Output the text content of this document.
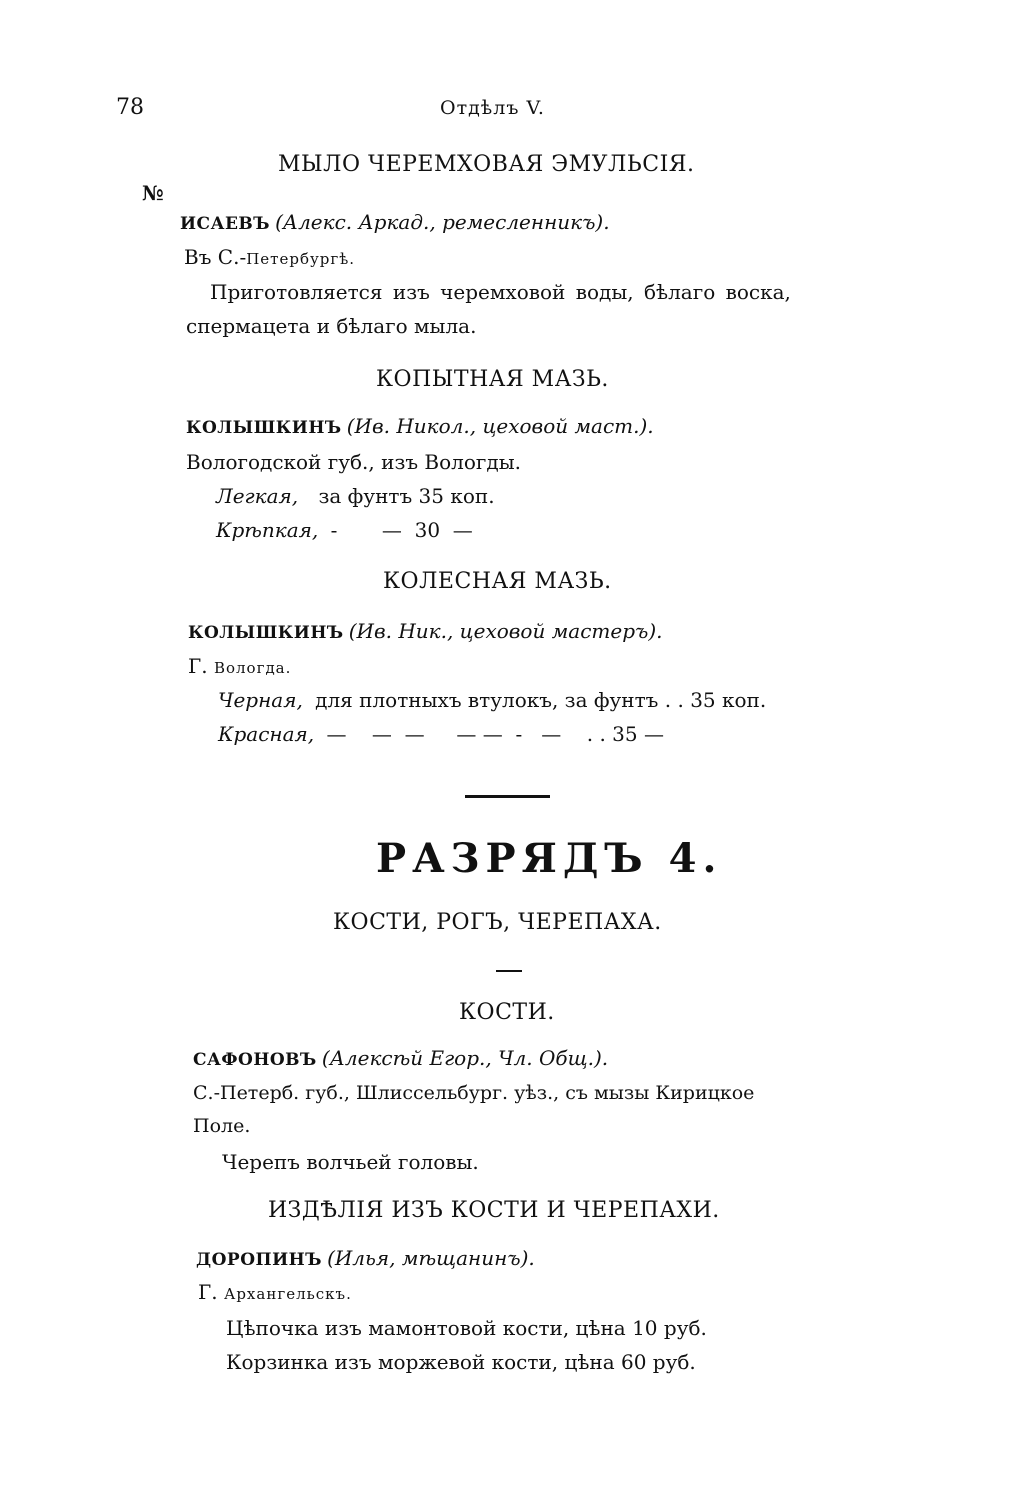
78	Отдѣлъ V.
МЫЛО ЧЕРЕМХОВАЯ ЭМУЛЬСІЯ.
№
ИСАЕВЪ (Алекс. Аркад., ремесленникъ).
Въ С.-Петербургѣ.
Приготовляется изъ черемховой воды, бѣлаго воска,
спермацета и бѣлаго мыла.
КОПЫТНАЯ МАЗЬ.
КОЛЫШКИНЪ (Ив. Никол., цеховой маст.).
Вологодской губ., изъ Вологды.
Легкая, за фунтъ 35 коп.
Крѣпкая, -       —  30  —
КОЛЕСНАЯ МАЗЬ.
КОЛЫШКИНЪ (Ив. Ник., цеховой мастеръ).
Г. Вологда.
Черная, для плотныхъ втулокъ, за фунтъ . . 35 коп.
Красная, —    —  —     — —  -   —    . . 35 —
РАЗРЯДЪ 4.
КОСТИ, РОГЪ, ЧЕРЕПАХА.
КОСТИ.
САФОНОВЪ (Алексѣй Егор., Чл. Общ.).
С.-Петерб. губ., Шлиссельбург. уѣз., съ мызы Кирицкое
Поле.
Черепъ волчьей головы.
ИЗДѢЛІЯ ИЗЪ КОСТИ И ЧЕРЕПАХИ.
ДОРОПИНЪ (Илья, мѣщанинъ).
Г. Архангельскъ.
Цѣпочка изъ мамонтовой кости, цѣна 10 руб.
Корзинка изъ моржевой кости, цѣна 60 руб.
